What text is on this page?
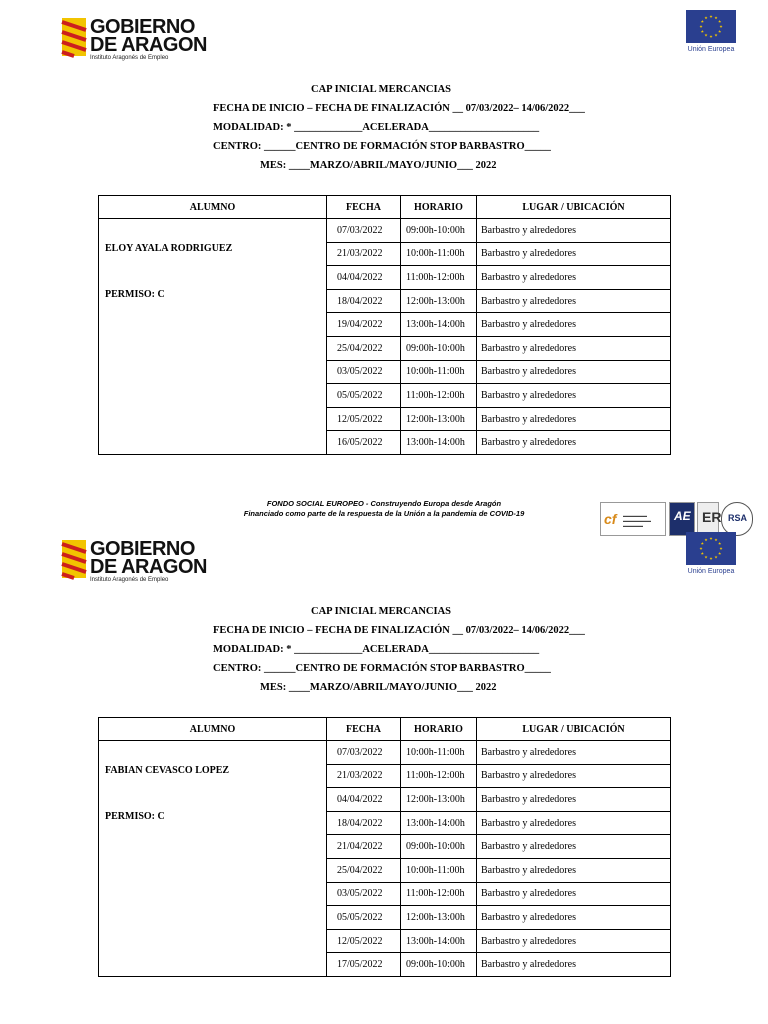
GOBIERNO
DE ARAGON
Instituto Aragonés de Empleo
Unión Europea
CAP INICIAL MERCANCIAS
FECHA DE INICIO – FECHA DE FINALIZACIÓN __ 07/03/2022– 14/06/2022___
MODALIDAD: * _____________ACELERADA_____________________
CENTRO: ______CENTRO DE FORMACIÓN STOP BARBASTRO_____
MES: ____MARZO/ABRIL/MAYO/JUNIO___ 2022
ALUMNO	FECHA	HORARIO	LUGAR / UBICACIÓN

ELOY AYALA RODRIGUEZ
PERMISO: C	07/03/2022	09:00h-10:00h	Barbastro y alrededores
	21/03/2022	10:00h-11:00h	Barbastro y alrededores
	04/04/2022	11:00h-12:00h	Barbastro y alrededores
	18/04/2022	12:00h-13:00h	Barbastro y alrededores
	19/04/2022	13:00h-14:00h	Barbastro y alrededores
	25/04/2022	09:00h-10:00h	Barbastro y alrededores
	03/05/2022	10:00h-11:00h	Barbastro y alrededores
	05/05/2022	11:00h-12:00h	Barbastro y alrededores
	12/05/2022	12:00h-13:00h	Barbastro y alrededores
	16/05/2022	13:00h-14:00h	Barbastro y alrededores
FONDO SOCIAL EUROPEO - Construyendo Europa desde Aragón
Financiado como parte de la respuesta de la Unión a la pandemia de COVID-19	cf ▬▬▬▬▬▬
▬▬▬▬▬▬▬
▬▬▬▬▬
AE ER RSA
GOBIERNO
DE ARAGON
Instituto Aragonés de Empleo
Unión Europea
CAP INICIAL MERCANCIAS
FECHA DE INICIO – FECHA DE FINALIZACIÓN __ 07/03/2022– 14/06/2022___
MODALIDAD: * _____________ACELERADA_____________________
CENTRO: ______CENTRO DE FORMACIÓN STOP BARBASTRO_____
MES: ____MARZO/ABRIL/MAYO/JUNIO___ 2022
ALUMNO	FECHA	HORARIO	LUGAR / UBICACIÓN

FABIAN CEVASCO LOPEZ
PERMISO: C	07/03/2022	10:00h-11:00h	Barbastro y alrededores
	21/03/2022	11:00h-12:00h	Barbastro y alrededores
	04/04/2022	12:00h-13:00h	Barbastro y alrededores
	18/04/2022	13:00h-14:00h	Barbastro y alrededores
	21/04/2022	09:00h-10:00h	Barbastro y alrededores
	25/04/2022	10:00h-11:00h	Barbastro y alrededores
	03/05/2022	11:00h-12:00h	Barbastro y alrededores
	05/05/2022	12:00h-13:00h	Barbastro y alrededores
	12/05/2022	13:00h-14:00h	Barbastro y alrededores
	17/05/2022	09:00h-10:00h	Barbastro y alrededores
